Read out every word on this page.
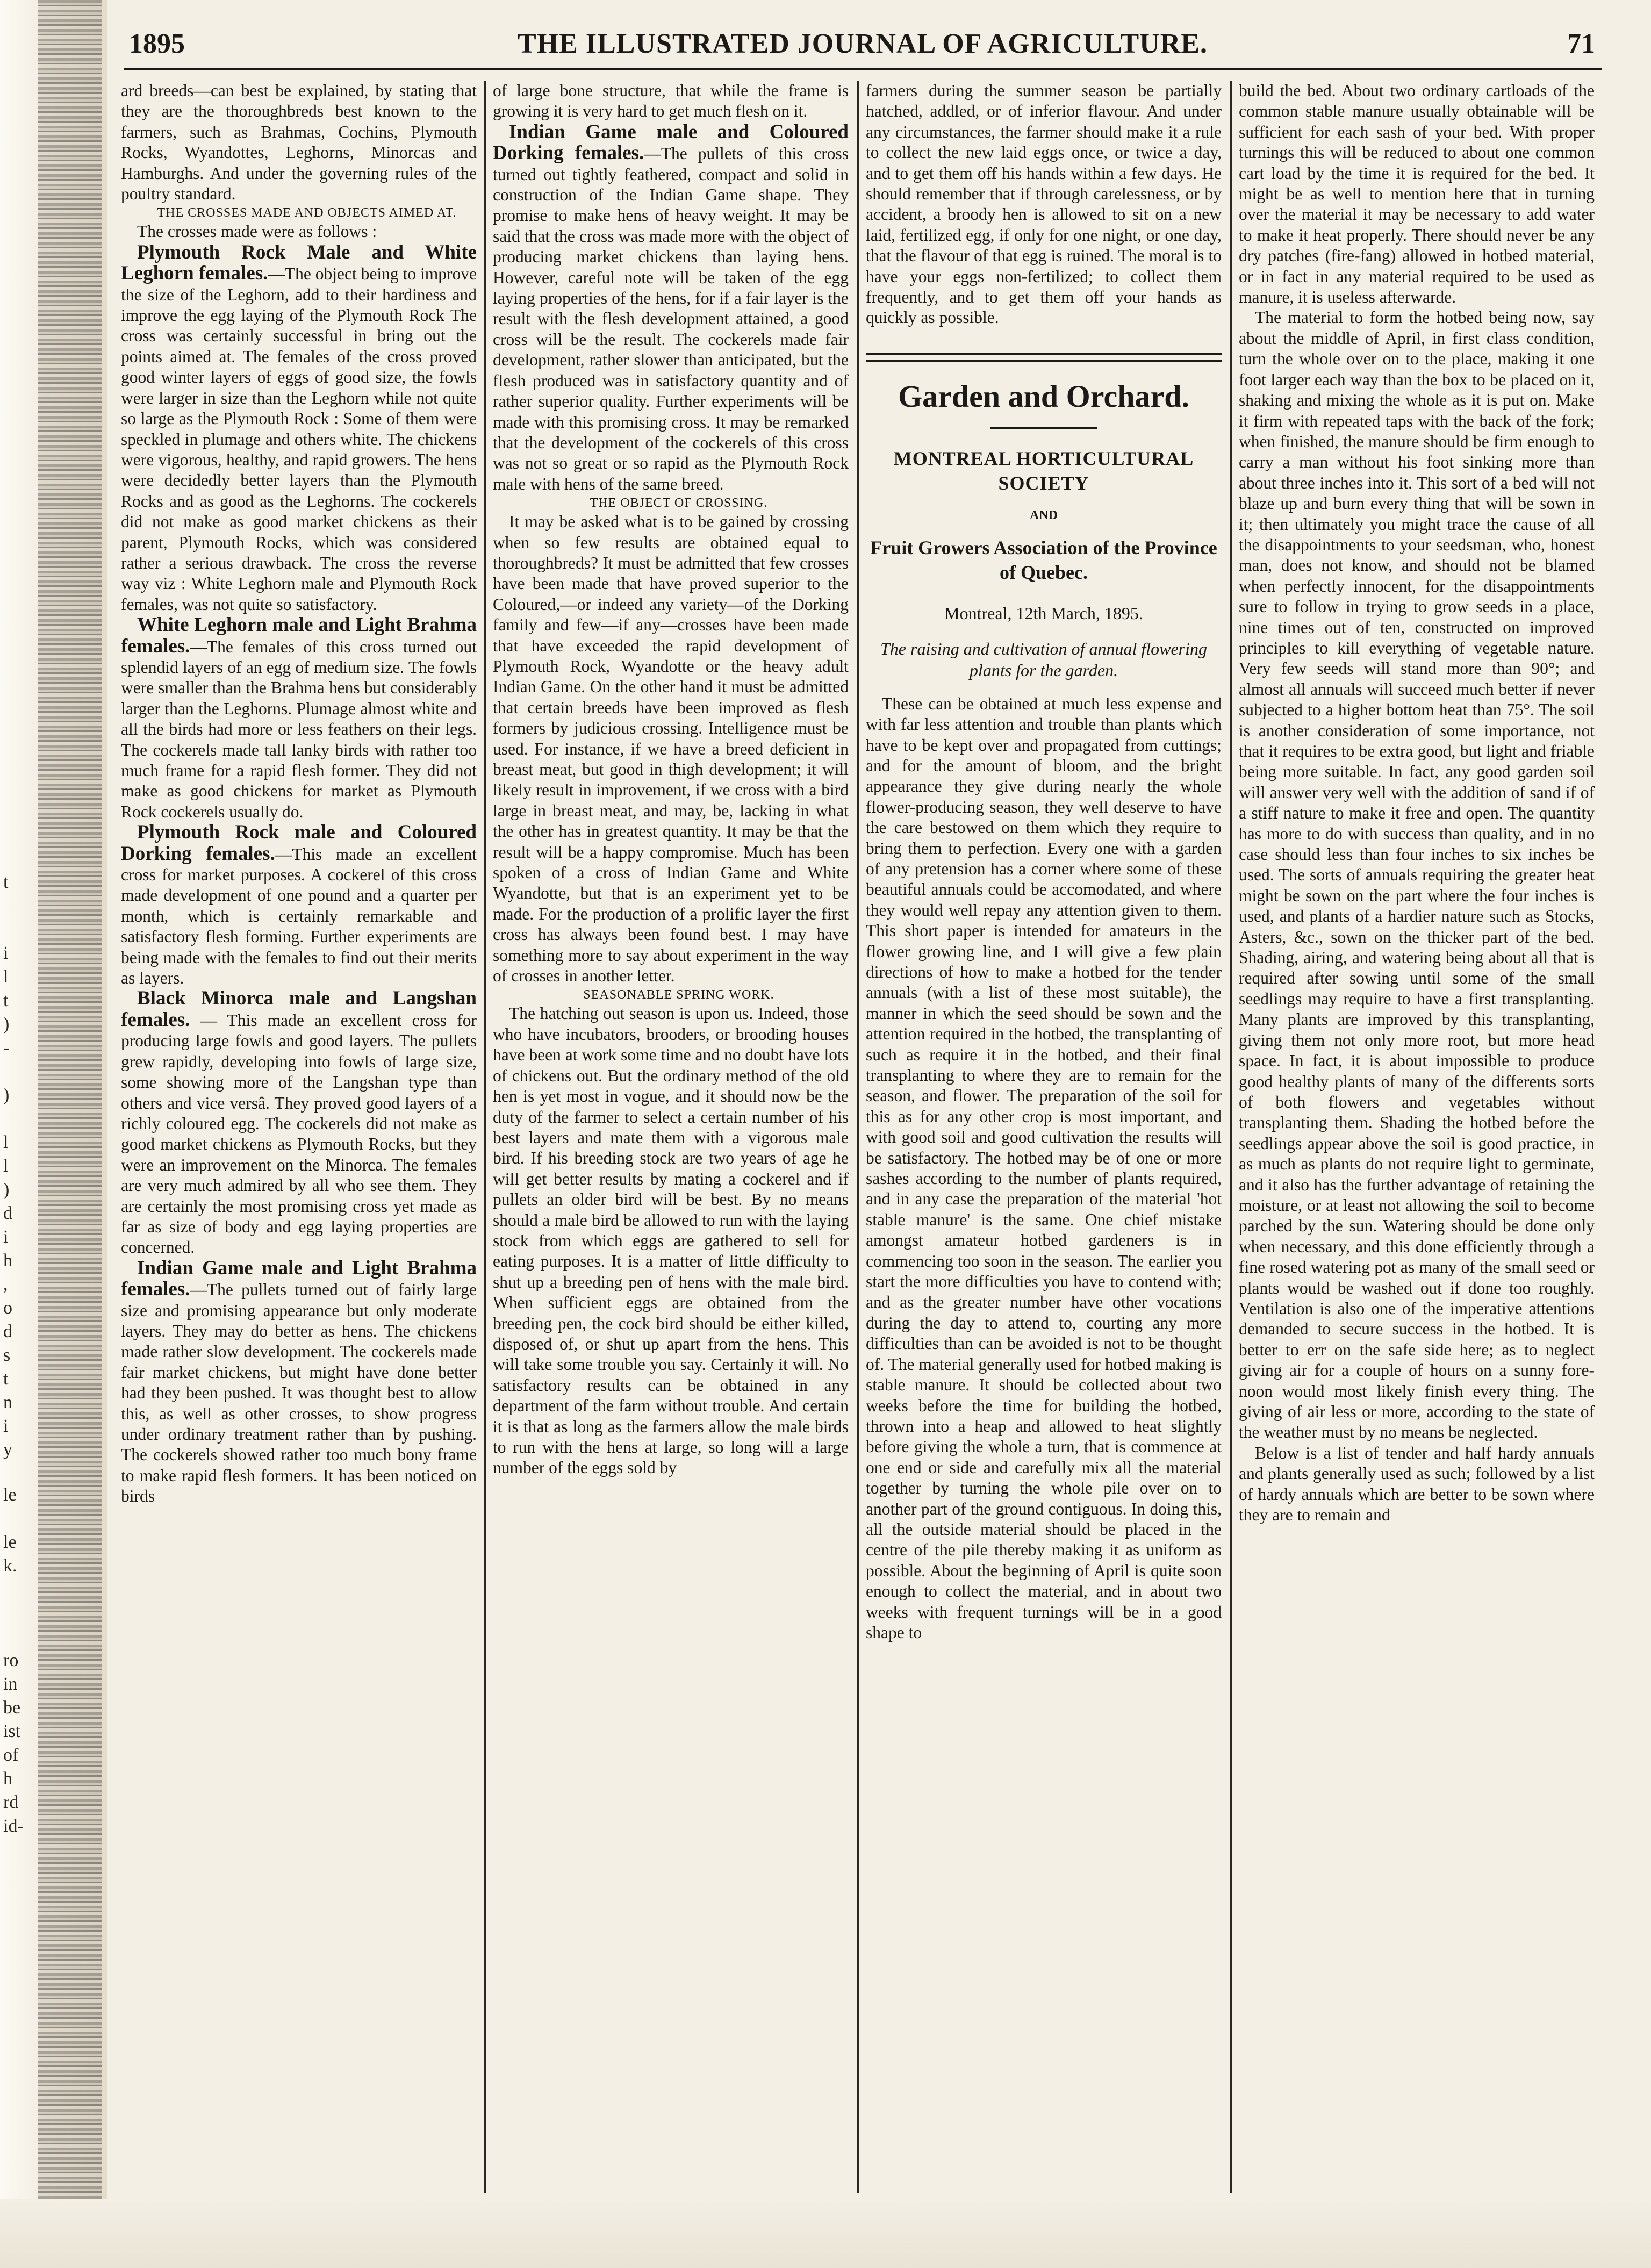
t

i
l
t
)
-

)

l
l
)
d
i
h
,
o
d
s
t
n
i
y
le

le
k.

ro
in
be
ist
of
h
rd
id-
1895	THE ILLUSTRATED JOURNAL OF AGRICULTURE.	71

ard breeds—can best be explained, by stating that they are the thoroughbreds best known to the farmers, such as Brahmas, Cochins, Plymouth Rocks, Wyandottes, Leghorns, Minorcas and Hamburghs. And under the governing rules of the poultry standard.

THE CROSSES MADE AND OBJECTS AIMED AT.

The crosses made were as follows :

Plymouth Rock Male and White Leghorn females.—The object being to improve the size of the Leghorn, add to their hardiness and improve the egg laying of the Plymouth Rock The cross was certainly successful in bring out the points aimed at. The females of the cross proved good winter layers of eggs of good size, the fowls were larger in size than the Leghorn while not quite so large as the Plymouth Rock : Some of them were speckled in plumage and others white. The chickens were vigorous, healthy, and rapid growers. The hens were decidedly better layers than the Plymouth Rocks and as good as the Leghorns. The cockerels did not make as good market chickens as their parent, Plymouth Rocks, which was considered rather a serious drawback. The cross the reverse way viz : White Leghorn male and Plymouth Rock females, was not quite so satisfactory.

White Leghorn male and Light Brahma females.—The females of this cross turned out splendid layers of an egg of medium size. The fowls were smaller than the Brahma hens but considerably larger than the Leghorns. Plumage almost white and all the birds had more or less feathers on their legs. The cockerels made tall lanky birds with rather too much frame for a rapid flesh former. They did not make as good chickens for market as Plymouth Rock cockerels usually do.

Plymouth Rock male and Coloured Dorking females.—This made an excellent cross for market purposes. A cockerel of this cross made development of one pound and a quarter per month, which is certainly remarkable and satisfactory flesh forming. Further experiments are being made with the females to find out their merits as layers.

Black Minorca male and Langshan females. — This made an excellent cross for producing large fowls and good layers. The pullets grew rapidly, developing into fowls of large size, some showing more of the Langshan type than others and vice versâ. They proved good layers of a richly coloured egg. The cockerels did not make as good market chickens as Plymouth Rocks, but they were an improvement on the Minorca. The females are very much admired by all who see them. They are certainly the most promising cross yet made as far as size of body and egg laying properties are concerned.

Indian Game male and Light Brahma females.—The pullets turned out of fairly large size and promising appearance but only moderate layers. They may do better as hens. The chickens made rather slow development. The cockerels made fair market chickens, but might have done better had they been pushed. It was thought best to allow this, as well as other crosses, to show progress under ordinary treatment rather than by pushing. The cockerels showed rather too much bony frame to make rapid flesh formers. It has been noticed on birds

of large bone structure, that while the frame is growing it is very hard to get much flesh on it.

Indian Game male and Coloured Dorking females.—The pullets of this cross turned out tightly feathered, compact and solid in construction of the Indian Game shape. They promise to make hens of heavy weight. It may be said that the cross was made more with the object of producing market chickens than laying hens. However, careful note will be taken of the egg laying properties of the hens, for if a fair layer is the result with the flesh development attained, a good cross will be the result. The cockerels made fair development, rather slower than anticipated, but the flesh produced was in satisfactory quantity and of rather superior quality. Further experiments will be made with this promising cross. It may be remarked that the development of the cockerels of this cross was not so great or so rapid as the Plymouth Rock male with hens of the same breed.

THE OBJECT OF CROSSING.

It may be asked what is to be gained by crossing when so few results are obtained equal to thoroughbreds? It must be admitted that few crosses have been made that have proved superior to the Coloured,—or indeed any variety—of the Dorking family and few—if any—crosses have been made that have exceeded the rapid development of Plymouth Rock, Wyandotte or the heavy adult Indian Game. On the other hand it must be admitted that certain breeds have been improved as flesh formers by judicious crossing. Intelligence must be used. For instance, if we have a breed deficient in breast meat, but good in thigh development; it will likely result in improvement, if we cross with a bird large in breast meat, and may, be, lacking in what the other has in greatest quantity. It may be that the result will be a happy compromise. Much has been spoken of a cross of Indian Game and White Wyandotte, but that is an experiment yet to be made. For the production of a prolific layer the first cross has always been found best. I may have something more to say about experiment in the way of crosses in another letter.

SEASONABLE SPRING WORK.

The hatching out season is upon us. Indeed, those who have incubators, brooders, or brooding houses have been at work some time and no doubt have lots of chickens out. But the ordinary method of the old hen is yet most in vogue, and it should now be the duty of the farmer to select a certain number of his best layers and mate them with a vigorous male bird. If his breeding stock are two years of age he will get better results by mating a cockerel and if pullets an older bird will be best. By no means should a male bird be allowed to run with the laying stock from which eggs are gathered to sell for eating purposes. It is a matter of little difficulty to shut up a breeding pen of hens with the male bird. When sufficient eggs are obtained from the breeding pen, the cock bird should be either killed, disposed of, or shut up apart from the hens. This will take some trouble you say. Certainly it will. No satisfactory results can be obtained in any department of the farm without trouble. And certain it is that as long as the farmers allow the male birds to run with the hens at large, so long will a large number of the eggs sold by

farmers during the summer season be partially hatched, addled, or of inferior flavour. And under any circumstances, the farmer should make it a rule to collect the new laid eggs once, or twice a day, and to get them off his hands within a few days. He should remember that if through carelessness, or by accident, a broody hen is allowed to sit on a new laid, fertilized egg, if only for one night, or one day, that the flavour of that egg is ruined. The moral is to have your eggs non-fertilized; to collect them frequently, and to get them off your hands as quickly as possible.

Garden and Orchard.
MONTREAL HORTICULTURAL SOCIETY
AND
Fruit Growers Association of the Province of Quebec.
Montreal, 12th March, 1895.
The raising and cultivation of annual flowering plants for the garden.

These can be obtained at much less expense and with far less attention and trouble than plants which have to be kept over and propagated from cuttings; and for the amount of bloom, and the bright appearance they give during nearly the whole flower-producing season, they well deserve to have the care bestowed on them which they require to bring them to perfection. Every one with a garden of any pretension has a corner where some of these beautiful annuals could be accomodated, and where they would well repay any attention given to them. This short paper is intended for amateurs in the flower growing line, and I will give a few plain directions of how to make a hotbed for the tender annuals (with a list of these most suitable), the manner in which the seed should be sown and the attention required in the hotbed, the transplanting of such as require it in the hotbed, and their final transplanting to where they are to remain for the season, and flower. The preparation of the soil for this as for any other crop is most important, and with good soil and good cultivation the results will be satisfactory. The hotbed may be of one or more sashes according to the number of plants required, and in any case the preparation of the material 'hot stable manure' is the same. One chief mistake amongst amateur hotbed gardeners is in commencing too soon in the season. The earlier you start the more difficulties you have to contend with; and as the greater number have other vocations during the day to attend to, courting any more difficulties than can be avoided is not to be thought of. The material generally used for hotbed making is stable manure. It should be collected about two weeks before the time for building the hotbed, thrown into a heap and allowed to heat slightly before giving the whole a turn, that is commence at one end or side and carefully mix all the material together by turning the whole pile over on to another part of the ground contiguous. In doing this, all the outside material should be placed in the centre of the pile thereby making it as uniform as possible. About the beginning of April is quite soon enough to collect the material, and in about two weeks with frequent turnings will be in a good shape to

build the bed. About two ordinary cartloads of the common stable manure usually obtainable will be sufficient for each sash of your bed. With proper turnings this will be reduced to about one common cart load by the time it is required for the bed. It might be as well to mention here that in turning over the material it may be necessary to add water to make it heat properly. There should never be any dry patches (fire-fang) allowed in hotbed material, or in fact in any material required to be used as manure, it is useless afterwarde.

The material to form the hotbed being now, say about the middle of April, in first class condition, turn the whole over on to the place, making it one foot larger each way than the box to be placed on it, shaking and mixing the whole as it is put on. Make it firm with repeated taps with the back of the fork; when finished, the manure should be firm enough to carry a man without his foot sinking more than about three inches into it. This sort of a bed will not blaze up and burn every thing that will be sown in it; then ultimately you might trace the cause of all the disappointments to your seedsman, who, honest man, does not know, and should not be blamed when perfectly innocent, for the disappointments sure to follow in trying to grow seeds in a place, nine times out of ten, constructed on improved principles to kill everything of vegetable nature. Very few seeds will stand more than 90°; and almost all annuals will succeed much better if never subjected to a higher bottom heat than 75°. The soil is another consideration of some importance, not that it requires to be extra good, but light and friable being more suitable. In fact, any good garden soil will answer very well with the addition of sand if of a stiff nature to make it free and open. The quantity has more to do with success than quality, and in no case should less than four inches to six inches be used. The sorts of annuals requiring the greater heat might be sown on the part where the four inches is used, and plants of a hardier nature such as Stocks, Asters, &c., sown on the thicker part of the bed. Shading, airing, and watering being about all that is required after sowing until some of the small seedlings may require to have a first transplanting. Many plants are improved by this transplanting, giving them not only more root, but more head space. In fact, it is about impossible to produce good healthy plants of many of the differents sorts of both flowers and vegetables without transplanting them. Shading the hotbed before the seedlings appear above the soil is good practice, in as much as plants do not require light to germinate, and it also has the further advantage of retaining the moisture, or at least not allowing the soil to become parched by the sun. Watering should be done only when necessary, and this done efficiently through a fine rosed watering pot as many of the small seed or plants would be washed out if done too roughly. Ventilation is also one of the imperative attentions demanded to secure success in the hotbed. It is better to err on the safe side here; as to neglect giving air for a couple of hours on a sunny fore-noon would most likely finish every thing. The giving of air less or more, according to the state of the weather must by no means be neglected.

Below is a list of tender and half hardy annuals and plants generally used as such; followed by a list of hardy annuals which are better to be sown where they are to remain and
